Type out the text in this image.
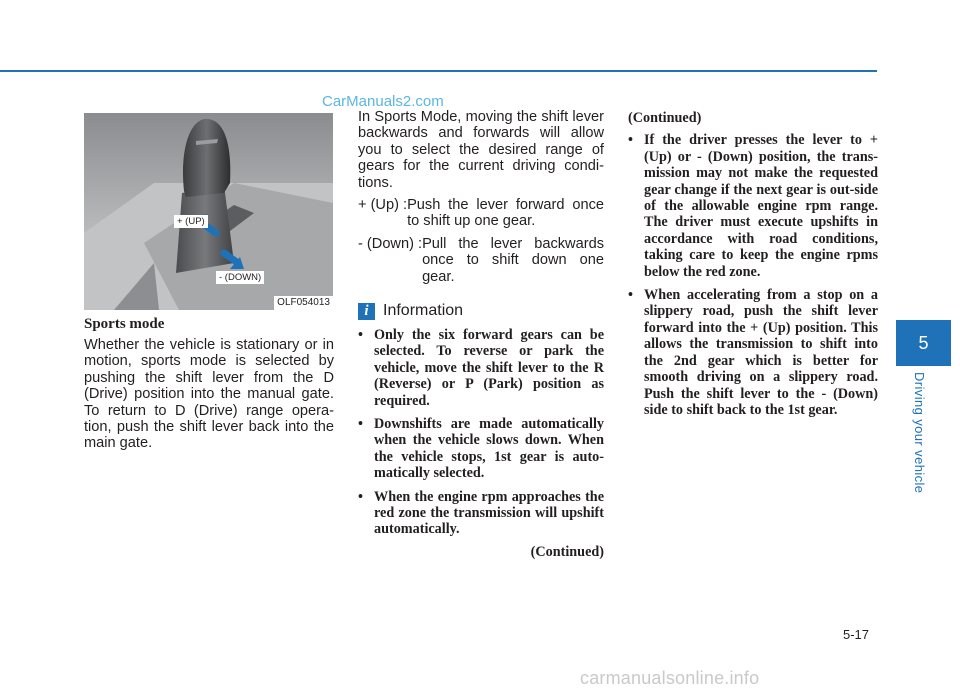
CarManuals2.com
+ (UP)
- (DOWN)
OLF054013
Sports mode

Whether the vehicle is stationary or in motion, sports mode is selected by pushing the shift lever from the D (Drive) position into the manual gate. To return to D (Drive) range opera-tion, push the shift lever back into the main gate.

In Sports Mode, moving the shift lever backwards and forwards will allow you to select the desired range of gears for the current driving condi-tions.

+ (Up) : Push the lever forward once to shift up one gear.
- (Down) : Pull the lever backwards once to shift down one gear.
i Information
• Only the six forward gears can be selected. To reverse or park the vehicle, move the shift lever to the R (Reverse) or P (Park) position as required.
• Downshifts are made automatically when the vehicle slows down. When the vehicle stops, 1st gear is auto-matically selected.
• When the engine rpm approaches the red zone the transmission will upshift automatically.
(Continued)
(Continued)
• If the driver presses the lever to + (Up) or - (Down) position, the trans-mission may not make the requested gear change if the next gear is out-side of the allowable engine rpm range. The driver must execute upshifts in accordance with road conditions, taking care to keep the engine rpms below the red zone.
• When accelerating from a stop on a slippery road, push the shift lever forward into the + (Up) position. This allows the transmission to shift into the 2nd gear which is better for smooth driving on a slippery road. Push the shift lever to the - (Down) side to shift back to the 1st gear.
5
Driving your vehicle
5-17
carmanualsonline.info
